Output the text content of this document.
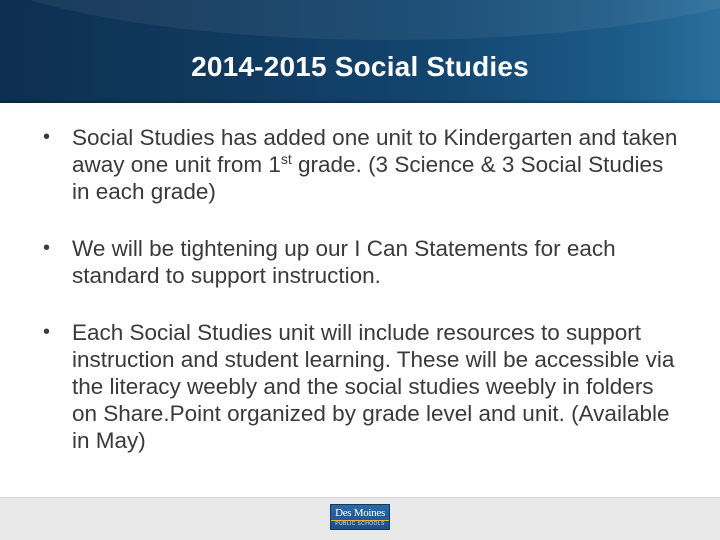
2014-2015 Social Studies
• Social Studies has added one unit to Kindergarten and taken away one unit from 1st grade. (3 Science & 3 Social Studies in each grade)
• We will be tightening up our I Can Statements for each standard to support instruction.
• Each Social Studies unit will include resources to support instruction and student learning. These will be accessible via the literacy weebly and the social studies weebly in folders on Share.Point organized by grade level and unit. (Available in May)
Des Moines
PUBLIC SCHOOLS
